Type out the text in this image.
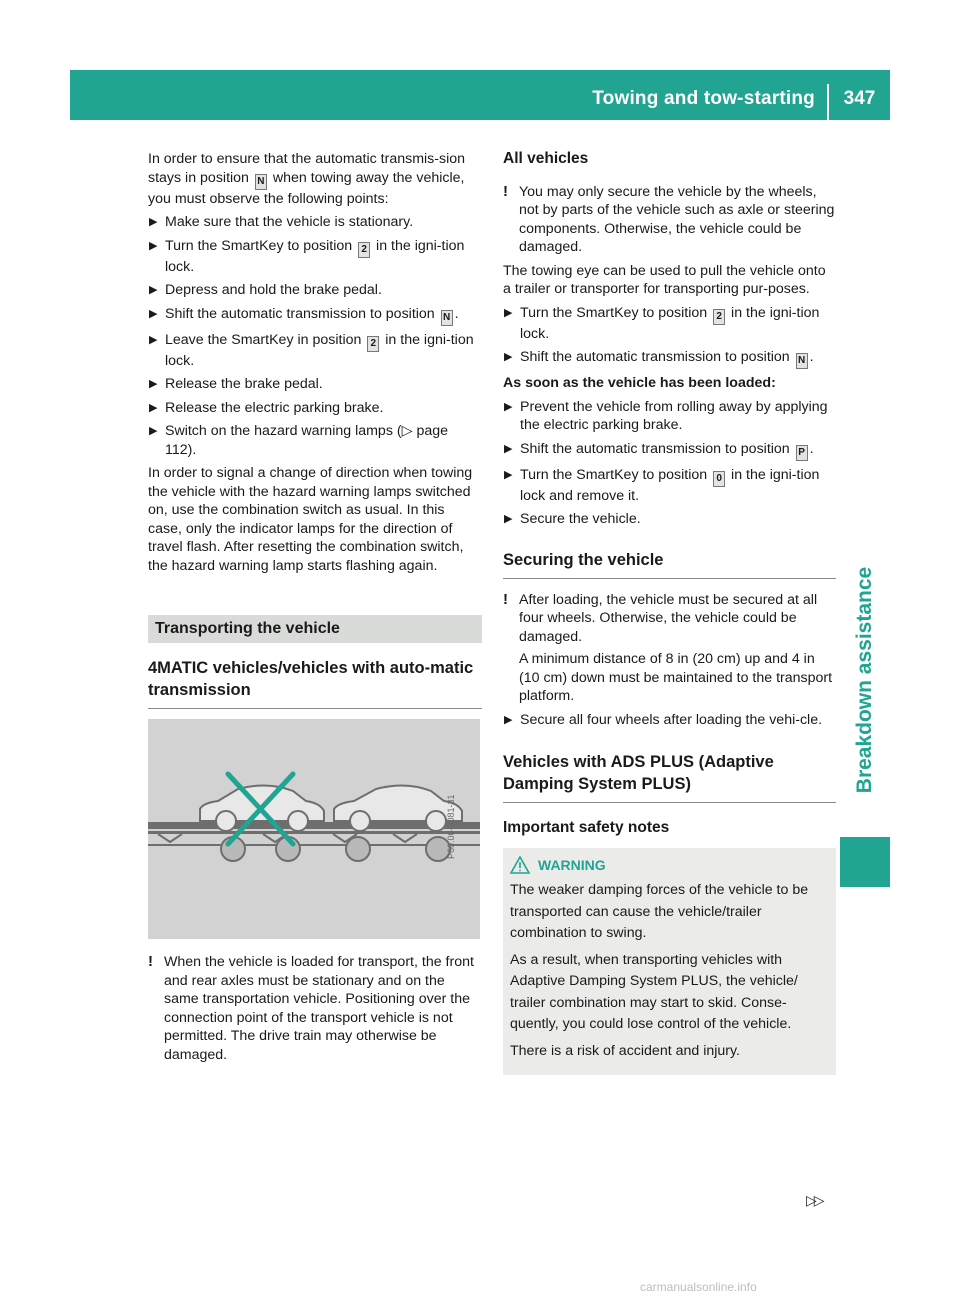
Towing and tow-starting	347
Breakdown assistance

In order to ensure that the automatic transmis-sion stays in position N when towing away the vehicle, you must observe the following points:

▶ Make sure that the vehicle is stationary.
▶ Turn the SmartKey to position 2 in the igni-tion lock.
▶ Depress and hold the brake pedal.
▶ Shift the automatic transmission to position N .
▶ Leave the SmartKey in position 2 in the igni-tion lock.
▶ Release the brake pedal.
▶ Release the electric parking brake.
▶ Switch on the hazard warning lamps (▷ page 112).

In order to signal a change of direction when towing the vehicle with the hazard warning lamps switched on, use the combination switch as usual. In this case, only the indicator lamps for the direction of travel flash. After resetting the combination switch, the hazard warning lamp starts flashing again.

Transporting the vehicle
4MATIC vehicles/vehicles with auto-matic transmission
P60.00-3081-31
! When the vehicle is loaded for transport, the front and rear axles must be stationary and on the same transportation vehicle. Positioning over the connection point of the transport vehicle is not permitted. The drive train may otherwise be damaged.

All vehicles
! You may only secure the vehicle by the wheels, not by parts of the vehicle such as axle or steering components. Otherwise, the vehicle could be damaged.

The towing eye can be used to pull the vehicle onto a trailer or transporter for transporting pur-poses.

▶ Turn the SmartKey to position 2 in the igni-tion lock.
▶ Shift the automatic transmission to position N .

As soon as the vehicle has been loaded:

▶ Prevent the vehicle from rolling away by applying the electric parking brake.
▶ Shift the automatic transmission to position P .
▶ Turn the SmartKey to position 0 in the igni-tion lock and remove it.
▶ Secure the vehicle.
Securing the vehicle
! After loading, the vehicle must be secured at all four wheels. Otherwise, the vehicle could be damaged.

A minimum distance of 8 in (20 cm) up and 4 in (10 cm) down must be maintained to the transport platform.

▶ Secure all four wheels after loading the vehi-cle.
Vehicles with ADS PLUS (Adaptive Damping System PLUS)
Important safety notes
WARNING

The weaker damping forces of the vehicle to be transported can cause the vehicle/trailer combination to swing.

As a result, when transporting vehicles with Adaptive Damping System PLUS, the vehicle/ trailer combination may start to skid. Conse-quently, you could lose control of the vehicle.

There is a risk of accident and injury.

▷▷
carmanualsonline.info
